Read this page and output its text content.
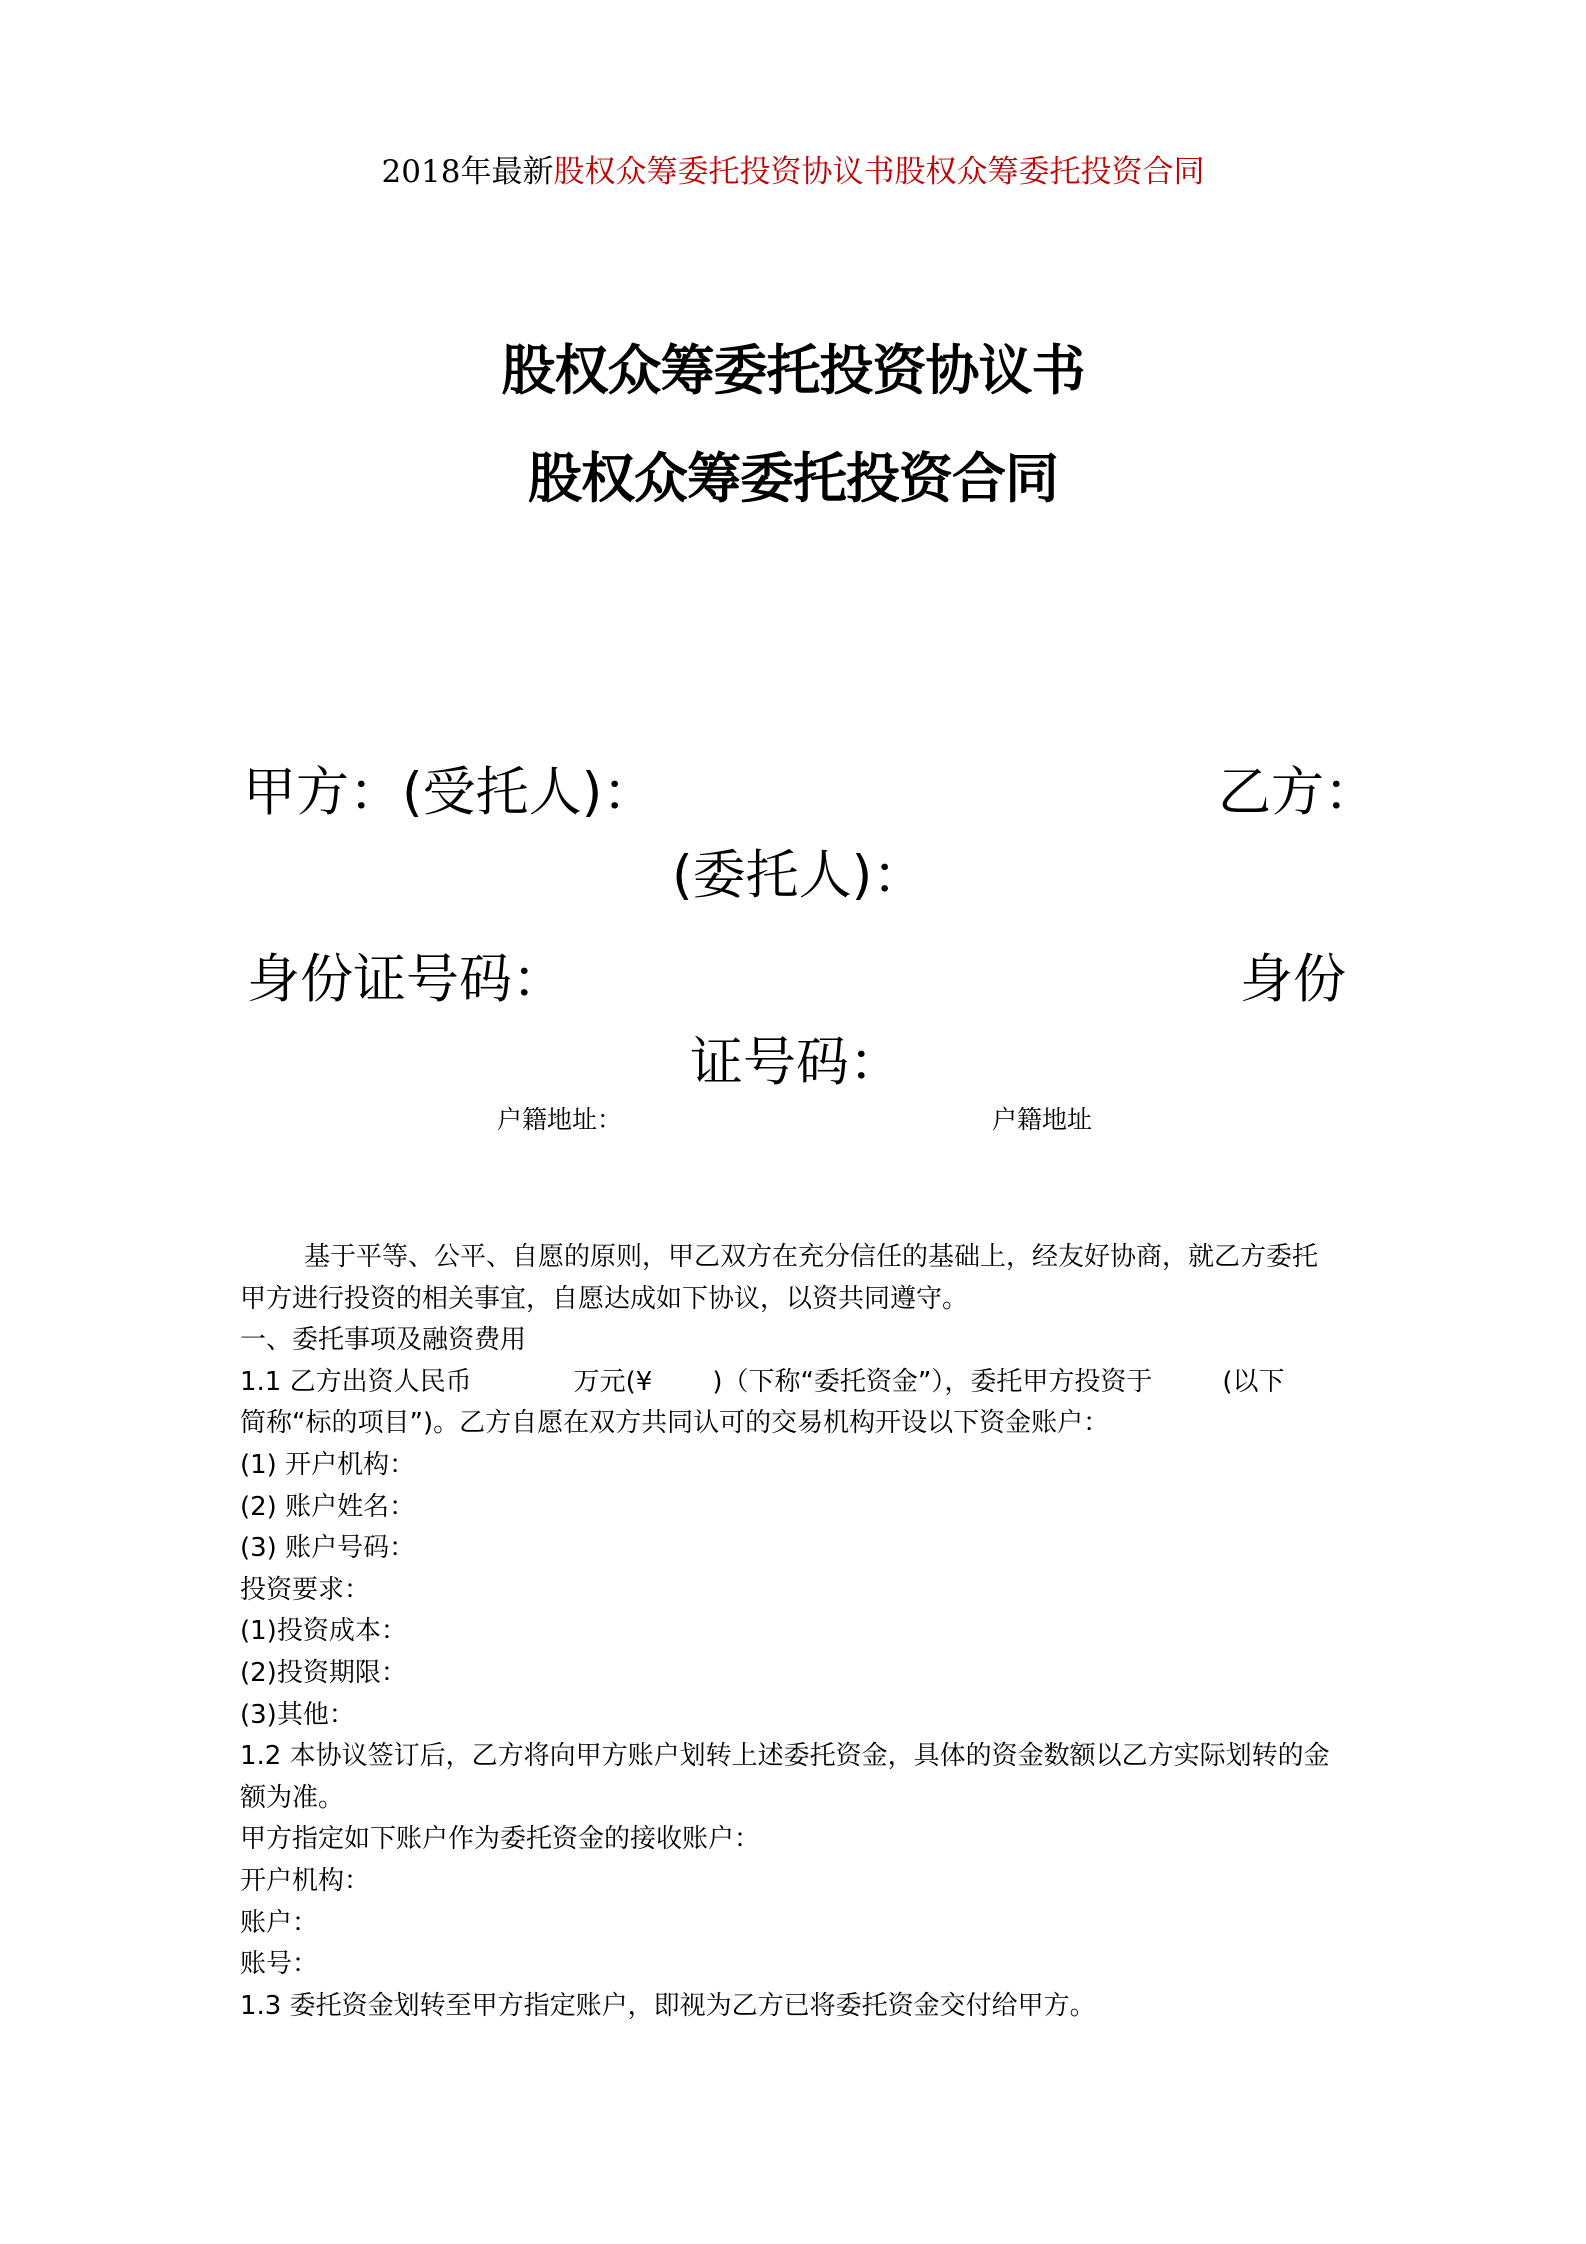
2018年最新股权众筹委托投资协议书股权众筹委托投资合同
股权众筹委托投资协议书
股权众筹委托投资合同
甲方：(受托人)：	乙方：
(委托人)：
身份证号码：	身份
证号码：
户籍地址：	户籍地址
基于平等、公平、自愿的原则，甲乙双方在充分信任的基础上，经友好协商，就乙方委托
甲方进行投资的相关事宜，自愿达成如下协议，以资共同遵守。
一、委托事项及融资费用
1.1 乙方出资人民币	万元(¥ )（下称“委托资金”），委托甲方投资于	(以下
简称“标的项目”)。乙方自愿在双方共同认可的交易机构开设以下资金账户：
(1) 开户机构：
(2) 账户姓名：
(3) 账户号码：
投资要求：
(1)投资成本：
(2)投资期限：
(3)其他：
1.2 本协议签订后，乙方将向甲方账户划转上述委托资金，具体的资金数额以乙方实际划转的金
额为准。
甲方指定如下账户作为委托资金的接收账户：
开户机构：
账户：
账号：
1.3 委托资金划转至甲方指定账户，即视为乙方已将委托资金交付给甲方。
